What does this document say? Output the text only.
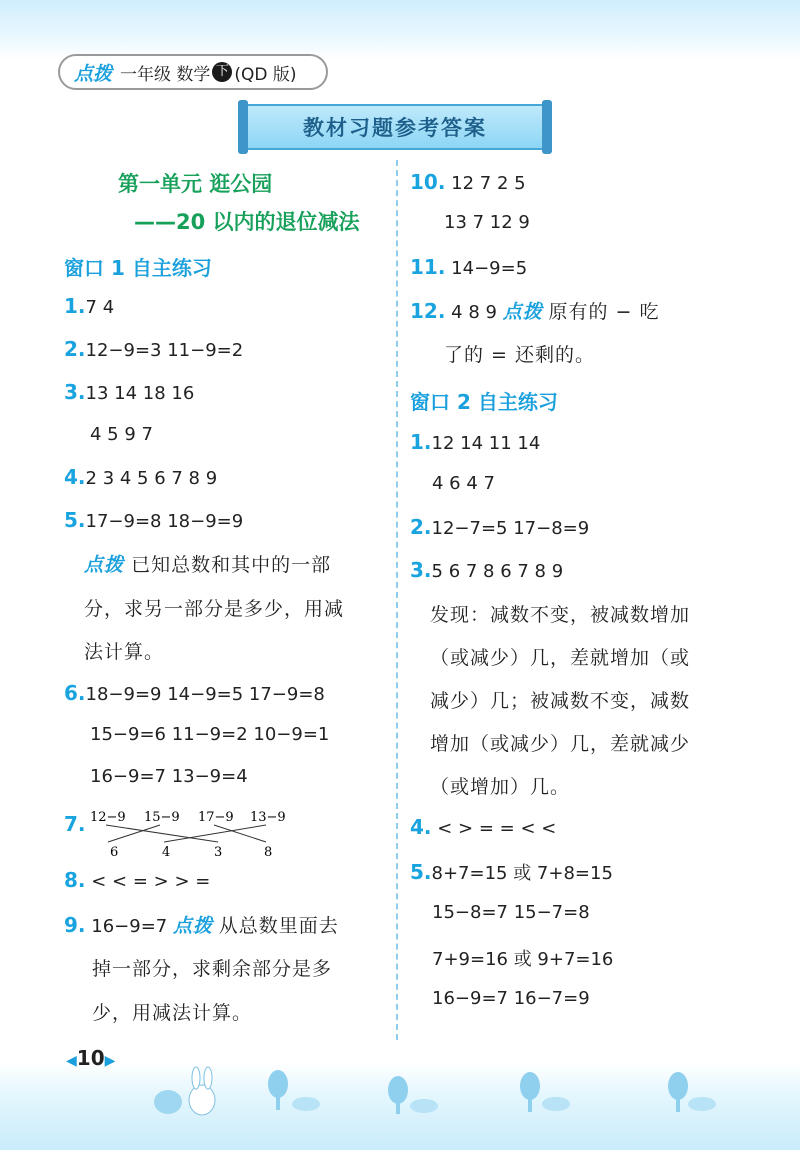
点拨 一年级 数学 下 (QD 版)
教材习题参考答案
第一单元 逛公园
——20 以内的退位减法
窗口 1 自主练习
1.7 4
2.12−9=3 11−9=2
3.13 14 18 16
4 5 9 7
4.2 3 4 5 6 7 8 9
5.17−9=8 18−9=9
点拨 已知总数和其中的一部
分，求另一部分是多少，用减
法计算。
6.18−9=9 14−9=5 17−9=8
15−9=6 11−9=2 10−9=1
16−9=7 13−9=4
7. 12−9 15−9 17−9 13−9
6	4	3	8
8. < < = > > =
9. 16−9=7 点拨 从总数里面去
掉一部分，求剩余部分是多
少，用减法计算。
10. 12 7 2 5
13 7 12 9
11. 14−9=5
12. 4 8 9 点拨 原有的 − 吃
了的 = 还剩的。
窗口 2 自主练习
1.12 14 11 14
4 6 4 7
2.12−7=5 17−8=9
3.5 6 7 8 6 7 8 9
发现：减数不变，被减数增加
（或减少）几，差就增加（或
减少）几；被减数不变，减数
增加（或减少）几，差就减少
（或增加）几。
4. < > = = < <
5.8+7=15 或 7+8=15
15−8=7 15−7=8
7+9=16 或 9+7=16
16−9=7 16−7=9
◀10▶
